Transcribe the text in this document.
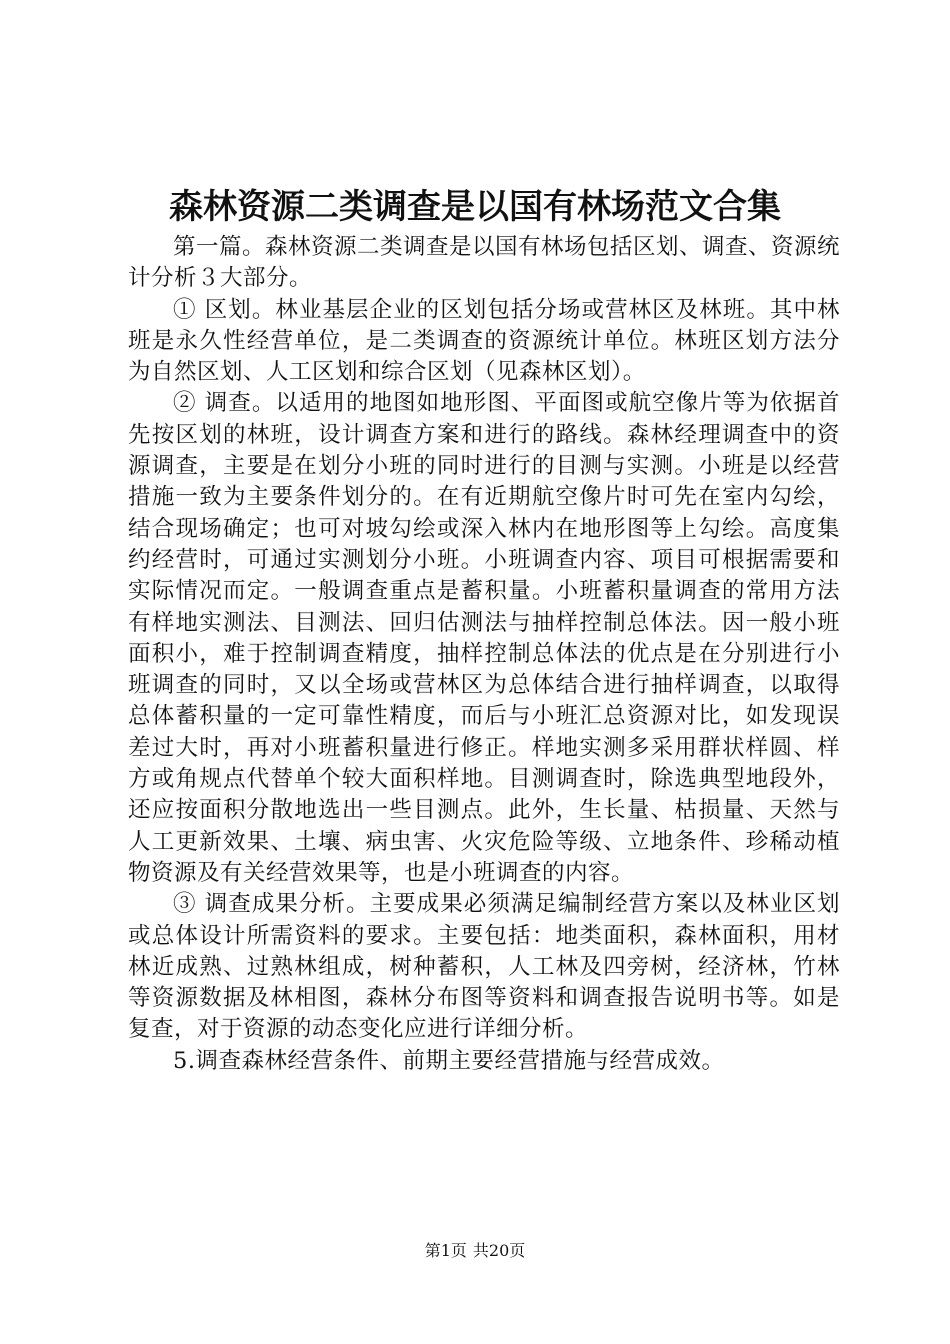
森林资源二类调查是以国有林场范文合集

第一篇。森林资源二类调查是以国有林场包括区划、调查、资源统计分析３大部分。

① 区划。林业基层企业的区划包括分场或营林区及林班。其中林班是永久性经营单位，是二类调查的资源统计单位。林班区划方法分为自然区划、人工区划和综合区划（见森林区划）。

② 调查。以适用的地图如地形图、平面图或航空像片等为依据首先按区划的林班，设计调查方案和进行的路线。森林经理调查中的资源调查，主要是在划分小班的同时进行的目测与实测。小班是以经营措施一致为主要条件划分的。在有近期航空像片时可先在室内勾绘，结合现场确定；也可对坡勾绘或深入林内在地形图等上勾绘。高度集约经营时，可通过实测划分小班。小班调查内容、项目可根据需要和实际情况而定。一般调查重点是蓄积量。小班蓄积量调查的常用方法有样地实测法、目测法、回归估测法与抽样控制总体法。因一般小班面积小，难于控制调查精度，抽样控制总体法的优点是在分别进行小班调查的同时，又以全场或营林区为总体结合进行抽样调查，以取得总体蓄积量的一定可靠性精度，而后与小班汇总资源对比，如发现误差过大时，再对小班蓄积量进行修正。样地实测多采用群状样圆、样方或角规点代替单个较大面积样地。目测调查时，除选典型地段外，还应按面积分散地选出一些目测点。此外，生长量、枯损量、天然与人工更新效果、土壤、病虫害、火灾危险等级、立地条件、珍稀动植物资源及有关经营效果等，也是小班调查的内容。

③ 调查成果分析。主要成果必须满足编制经营方案以及林业区划或总体设计所需资料的要求。主要包括：地类面积，森林面积，用材林近成熟、过熟林组成，树种蓄积，人工林及四旁树，经济林，竹林等资源数据及林相图，森林分布图等资料和调查报告说明书等。如是复查，对于资源的动态变化应进行详细分析。

5.调查森林经营条件、前期主要经营措施与经营成效。

第1页 共20页
